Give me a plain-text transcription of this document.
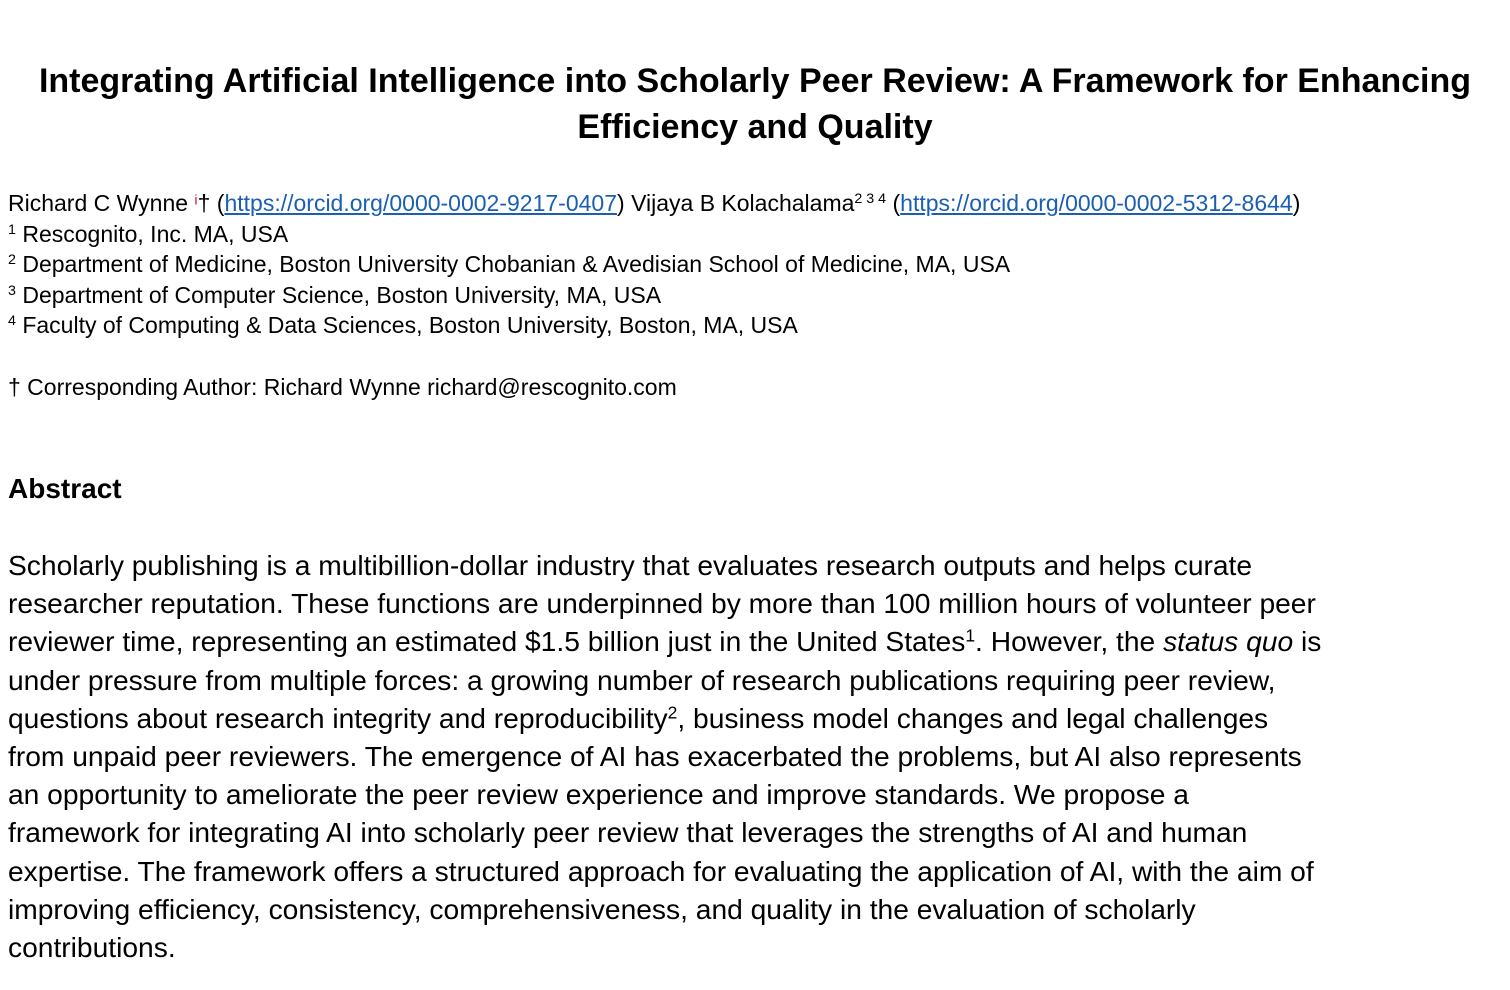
Integrating Artificial Intelligence into Scholarly Peer Review: A Framework for Enhancing Efficiency and Quality
Richard C Wynne $^i$† (https://orcid.org/0000-0002-9217-0407) Vijaya B Kolachalama$^{2 3 4}$ (https://orcid.org/0000-0002-5312-8644)
$^1$ Rescognito, Inc. MA, USA
$^2$ Department of Medicine, Boston University Chobanian & Avedisian School of Medicine, MA, USA
$^3$ Department of Computer Science, Boston University, MA, USA
$^4$ Faculty of Computing & Data Sciences, Boston University, Boston, MA, USA
† Corresponding Author: Richard Wynne richard@rescognito.com
Abstract
Scholarly publishing is a multibillion-dollar industry that evaluates research outputs and helps curate
researcher reputation. These functions are underpinned by more than 100 million hours of volunteer peer
reviewer time, representing an estimated $1.5 billion just in the United States$^1$. However, the status quo is
under pressure from multiple forces: a growing number of research publications requiring peer review,
questions about research integrity and reproducibility$^2$, business model changes and legal challenges
from unpaid peer reviewers. The emergence of AI has exacerbated the problems, but AI also represents
an opportunity to ameliorate the peer review experience and improve standards. We propose a
framework for integrating AI into scholarly peer review that leverages the strengths of AI and human
expertise. The framework offers a structured approach for evaluating the application of AI, with the aim of
improving efficiency, consistency, comprehensiveness, and quality in the evaluation of scholarly
contributions.
